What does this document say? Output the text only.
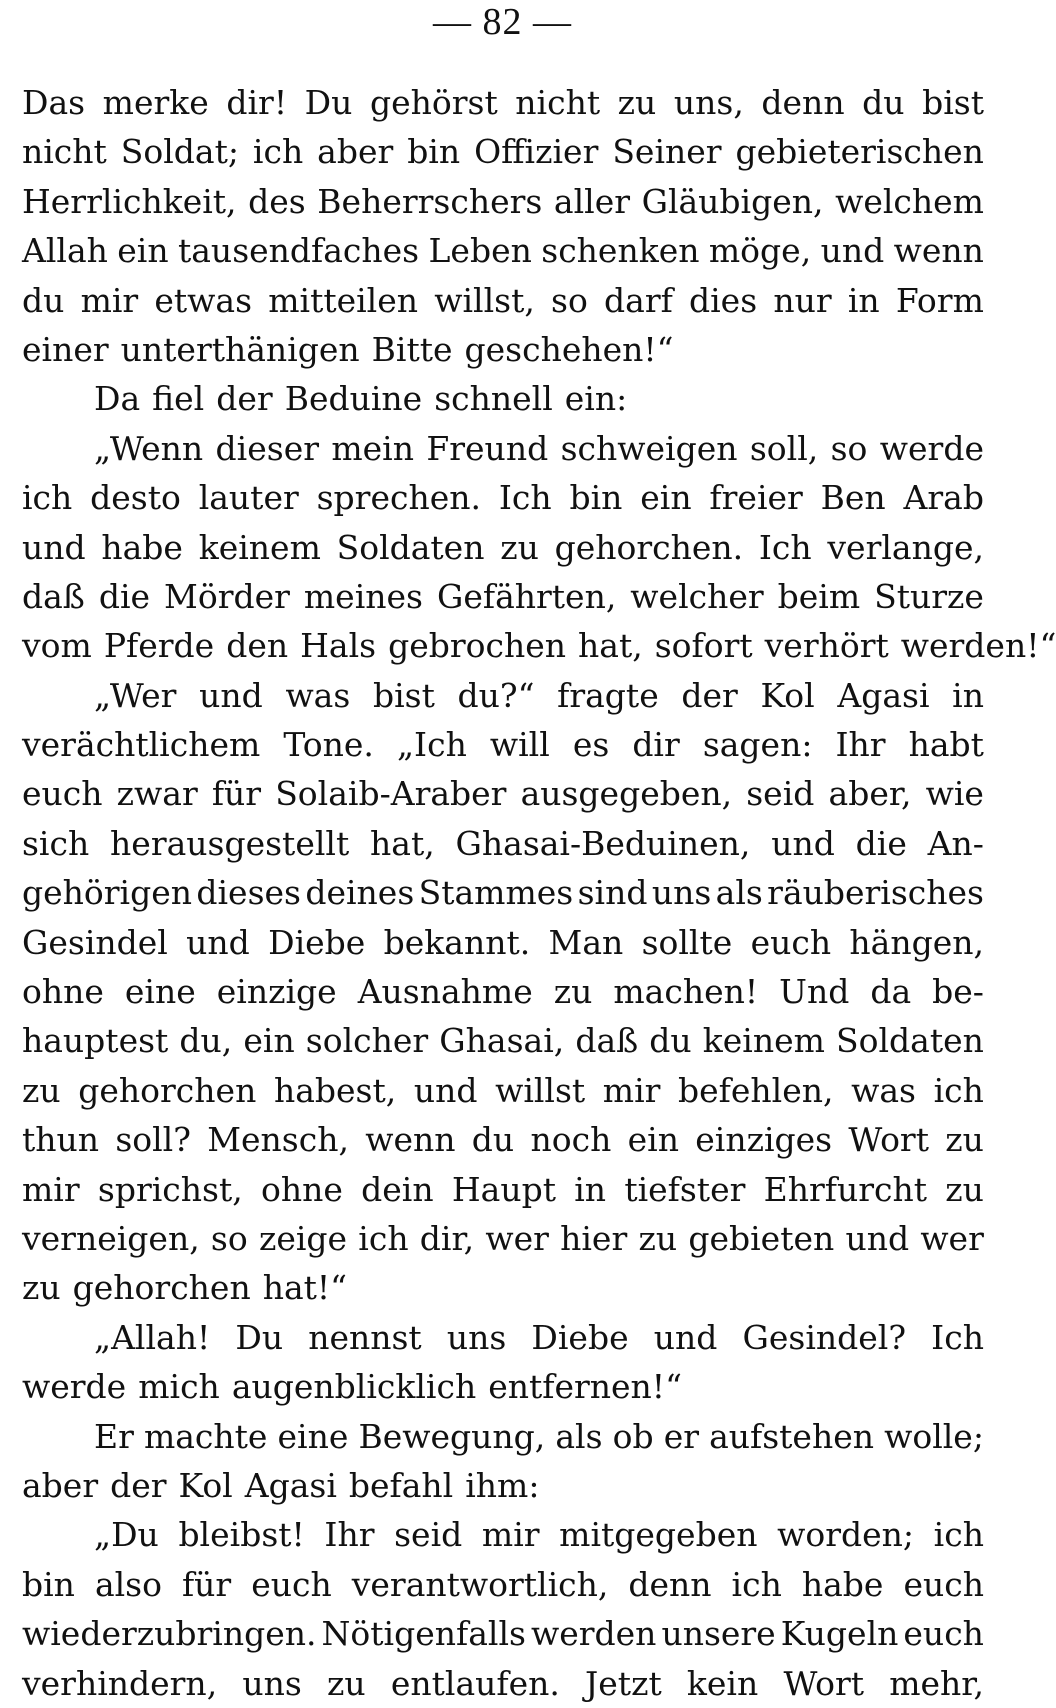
— 82 —
Das merke dir! Du gehörst nicht zu uns, denn du bist
nicht Soldat; ich aber bin Offizier Seiner gebieterischen
Herrlichkeit, des Beherrschers aller Gläubigen, welchem
Allah ein tausendfaches Leben schenken möge, und wenn
du mir etwas mitteilen willst, so darf dies nur in Form
einer unterthänigen Bitte geschehen!“
Da fiel der Beduine schnell ein:
„Wenn dieser mein Freund schweigen soll, so werde
ich desto lauter sprechen. Ich bin ein freier Ben Arab
und habe keinem Soldaten zu gehorchen. Ich verlange,
daß die Mörder meines Gefährten, welcher beim Sturze
vom Pferde den Hals gebrochen hat, sofort verhört werden!“
„Wer und was bist du?“ fragte der Kol Agasi in
verächtlichem Tone. „Ich will es dir sagen: Ihr habt
euch zwar für Solaib-Araber ausgegeben, seid aber, wie
sich herausgestellt hat, Ghasai-Beduinen, und die An-
gehörigen dieses deines Stammes sind uns als räuberisches
Gesindel und Diebe bekannt. Man sollte euch hängen,
ohne eine einzige Ausnahme zu machen! Und da be-
hauptest du, ein solcher Ghasai, daß du keinem Soldaten
zu gehorchen habest, und willst mir befehlen, was ich
thun soll? Mensch, wenn du noch ein einziges Wort zu
mir sprichst, ohne dein Haupt in tiefster Ehrfurcht zu
verneigen, so zeige ich dir, wer hier zu gebieten und wer
zu gehorchen hat!“
„Allah! Du nennst uns Diebe und Gesindel? Ich
werde mich augenblicklich entfernen!“
Er machte eine Bewegung, als ob er aufstehen wolle;
aber der Kol Agasi befahl ihm:
„Du bleibst! Ihr seid mir mitgegeben worden; ich
bin also für euch verantwortlich, denn ich habe euch
wiederzubringen. Nötigenfalls werden unsere Kugeln euch
verhindern, uns zu entlaufen. Jetzt kein Wort mehr,
